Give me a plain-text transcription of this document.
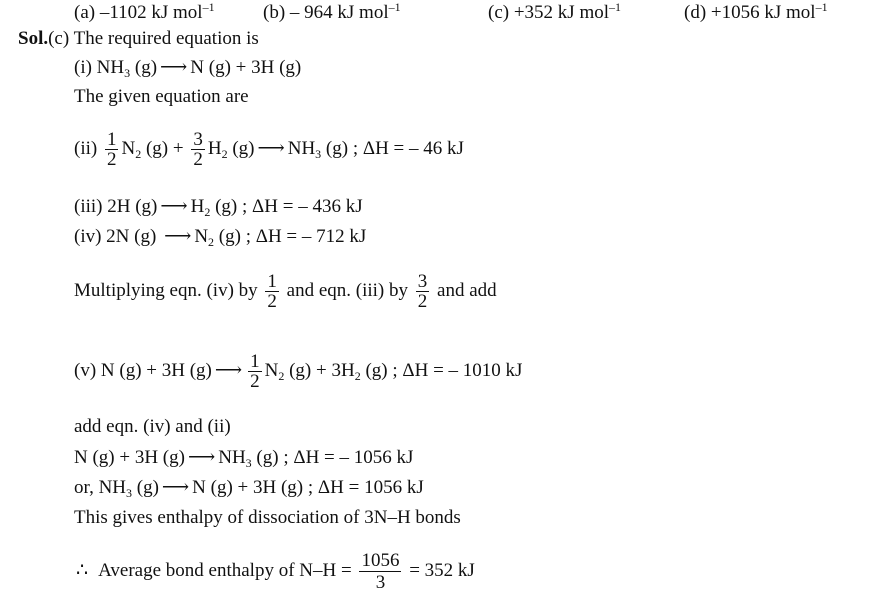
(a) –1102 kJ mol$^{-1}$	(b) – 964 kJ mol$^{-1}$	(c) +352 kJ mol$^{-1}$	(d) +1056 kJ mol$^{-1}$
Sol.(c) The required equation is
(i) $NH_3$ (g) ⟶ N (g) + 3H (g)
The given equation are
$(ii) \frac{1}{2} N_2$ $(g) + \frac{3}{2} H_2$ (g) ⟶ $NH_3$ (g) ; ΔH = – 46 kJ
(iii) 2H (g) ⟶ $H_2$ (g) ; ΔH = – 436 kJ
(iv) 2N (g) ⟶ $N_2$ (g) ; ΔH = – 712 kJ
Multiplying eqn. (iv) by $\frac{1}{2}$ and eqn. (iii) by $\frac{3}{2}$ and add
(v) N (g) + 3H (g) ⟶ $\frac{1}{2} N_2$ $(g) + 3H_2$ (g) ; ΔH = – 1010 kJ
add eqn. (iv) and (ii)
N (g) + 3H (g) ⟶ $NH_3$ (g) ; ΔH = – 1056 kJ
or, $NH_3$ (g) ⟶ N (g) + 3H (g) ; ΔH = 1056 kJ
This gives enthalpy of dissociation of 3N–H bonds
∴ Average bond enthalpy of $N-H = \frac{1056}{3} = 352$ kJ
